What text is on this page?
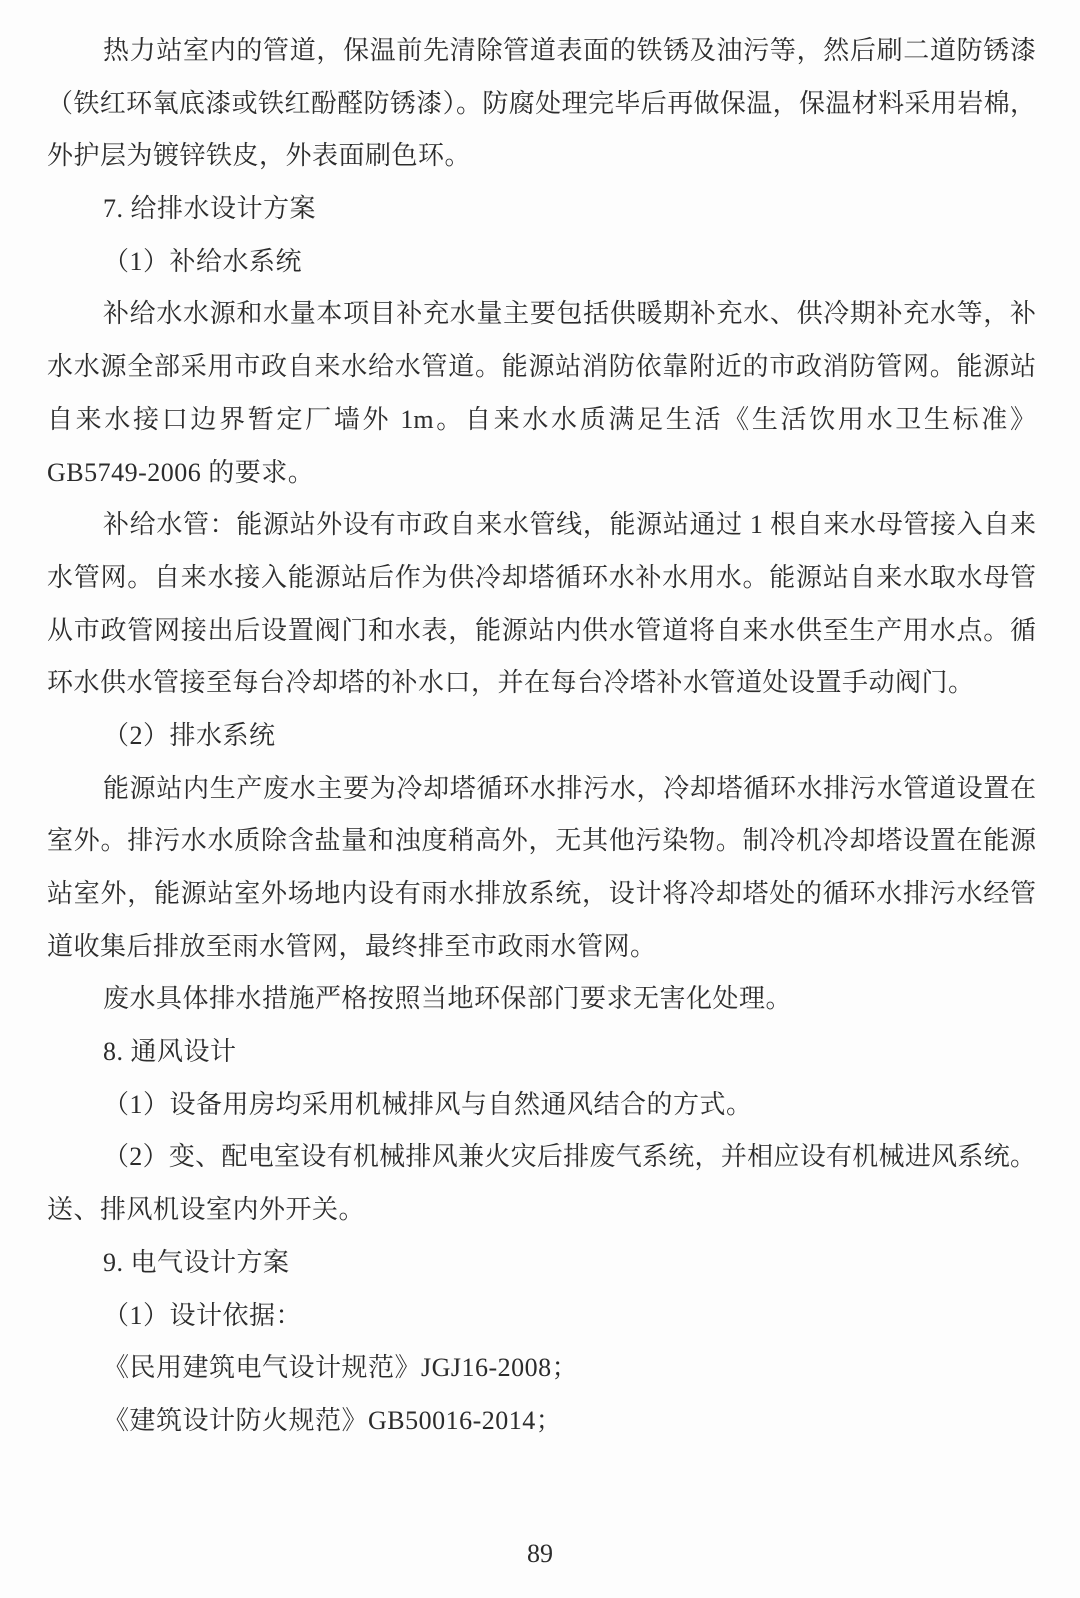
热力站室内的管道，保温前先清除管道表面的铁锈及油污等，然后刷二道防锈漆
（铁红环氧底漆或铁红酚醛防锈漆）。防腐处理完毕后再做保温，保温材料采用岩棉，
外护层为镀锌铁皮，外表面刷色环。
7. 给排水设计方案
（1）补给水系统
补给水水源和水量本项目补充水量主要包括供暖期补充水、供冷期补充水等，补
水水源全部采用市政自来水给水管道。能源站消防依靠附近的市政消防管网。能源站
自来水接口边界暂定厂墙外 1m。自来水水质满足生活《生活饮用水卫生标准》
GB5749-2006 的要求。
补给水管：能源站外设有市政自来水管线，能源站通过 1 根自来水母管接入自来
水管网。自来水接入能源站后作为供冷却塔循环水补水用水。能源站自来水取水母管
从市政管网接出后设置阀门和水表，能源站内供水管道将自来水供至生产用水点。循
环水供水管接至每台冷却塔的补水口，并在每台冷塔补水管道处设置手动阀门。
（2）排水系统
能源站内生产废水主要为冷却塔循环水排污水，冷却塔循环水排污水管道设置在
室外。排污水水质除含盐量和浊度稍高外，无其他污染物。制冷机冷却塔设置在能源
站室外，能源站室外场地内设有雨水排放系统，设计将冷却塔处的循环水排污水经管
道收集后排放至雨水管网，最终排至市政雨水管网。
废水具体排水措施严格按照当地环保部门要求无害化处理。
8. 通风设计
（1）设备用房均采用机械排风与自然通风结合的方式。
（2）变、配电室设有机械排风兼火灾后排废气系统，并相应设有机械进风系统。
送、排风机设室内外开关。
9. 电气设计方案
（1）设计依据：
《民用建筑电气设计规范》JGJ16-2008；
《建筑设计防火规范》GB50016-2014；
89
